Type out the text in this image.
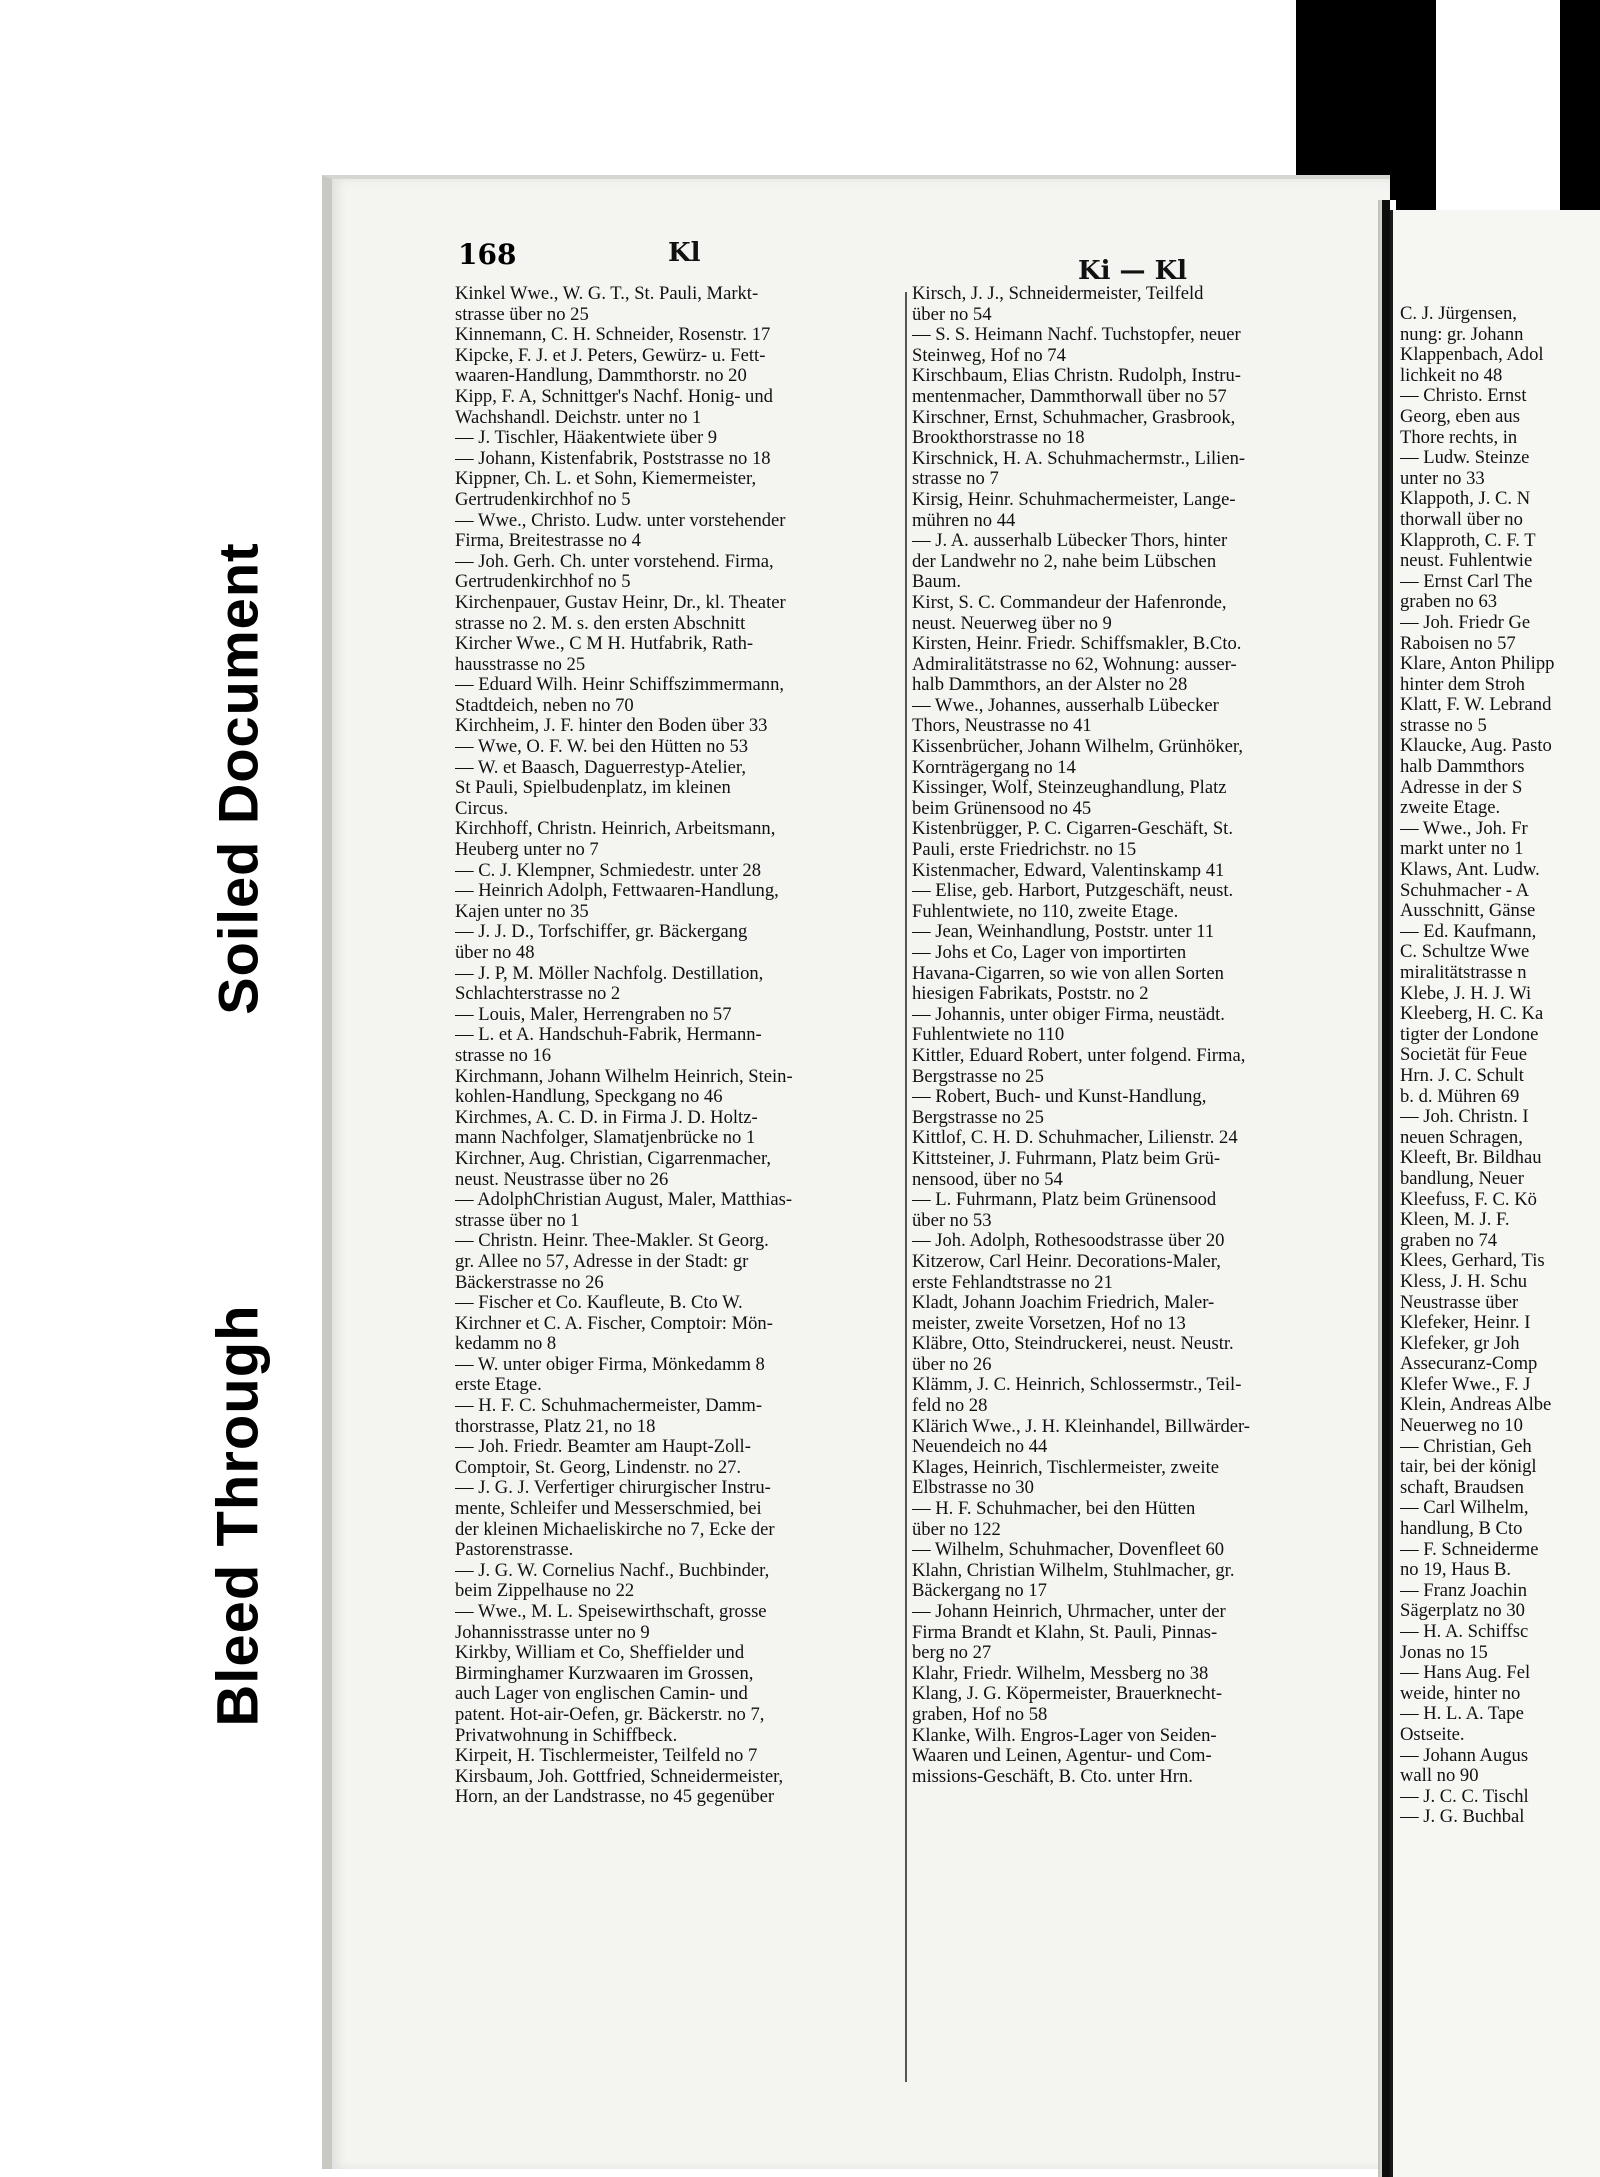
Soiled Document
Bleed Through
168	Kl
Ki — Kl
Kinkel Wwe., W. G. T., St. Pauli, Markt-
strasse über no 25
Kinnemann, C. H. Schneider, Rosenstr. 17
Kipcke, F. J. et J. Peters, Gewürz- u. Fett-
waaren-Handlung, Dammthorstr. no 20
Kipp, F. A, Schnittger's Nachf. Honig- und
Wachshandl. Deichstr. unter no 1
— J. Tischler, Häakentwiete über 9
— Johann, Kistenfabrik, Poststrasse no 18
Kippner, Ch. L. et Sohn, Kiemermeister,
Gertrudenkirchhof no 5
— Wwe., Christo. Ludw. unter vorstehender
Firma, Breitestrasse no 4
— Joh. Gerh. Ch. unter vorstehend. Firma,
Gertrudenkirchhof no 5
Kirchenpauer, Gustav Heinr, Dr., kl. Theater
strasse no 2. M. s. den ersten Abschnitt
Kircher Wwe., C M H. Hutfabrik, Rath-
hausstrasse no 25
— Eduard Wilh. Heinr Schiffszimmermann,
Stadtdeich, neben no 70
Kirchheim, J. F. hinter den Boden über 33
— Wwe, O. F. W. bei den Hütten no 53
— W. et Baasch, Daguerrestyp-Atelier,
St Pauli, Spielbudenplatz, im kleinen
Circus.
Kirchhoff, Christn. Heinrich, Arbeitsmann,
Heuberg unter no 7
— C. J. Klempner, Schmiedestr. unter 28
— Heinrich Adolph, Fettwaaren-Handlung,
Kajen unter no 35
— J. J. D., Torfschiffer, gr. Bäckergang
über no 48
— J. P, M. Möller Nachfolg. Destillation,
Schlachterstrasse no 2
— Louis, Maler, Herrengraben no 57
— L. et A. Handschuh-Fabrik, Hermann-
strasse no 16
Kirchmann, Johann Wilhelm Heinrich, Stein-
kohlen-Handlung, Speckgang no 46
Kirchmes, A. C. D. in Firma J. D. Holtz-
mann Nachfolger, Slamatjenbrücke no 1
Kirchner, Aug. Christian, Cigarrenmacher,
neust. Neustrasse über no 26
— AdolphChristian August, Maler, Matthias-
strasse über no 1
— Christn. Heinr. Thee-Makler. St Georg.
gr. Allee no 57, Adresse in der Stadt: gr
Bäckerstrasse no 26
— Fischer et Co. Kaufleute, B. Cto W.
Kirchner et C. A. Fischer, Comptoir: Mön-
kedamm no 8
— W. unter obiger Firma, Mönkedamm 8
erste Etage.
— H. F. C. Schuhmachermeister, Damm-
thorstrasse, Platz 21, no 18
— Joh. Friedr. Beamter am Haupt-Zoll-
Comptoir, St. Georg, Lindenstr. no 27.
— J. G. J. Verfertiger chirurgischer Instru-
mente, Schleifer und Messerschmied, bei
der kleinen Michaeliskirche no 7, Ecke der
Pastorenstrasse.
— J. G. W. Cornelius Nachf., Buchbinder,
beim Zippelhause no 22
— Wwe., M. L. Speisewirthschaft, grosse
Johannisstrasse unter no 9
Kirkby, William et Co, Sheffielder und
Birminghamer Kurzwaaren im Grossen,
auch Lager von englischen Camin- und
patent. Hot-air-Oefen, gr. Bäckerstr. no 7,
Privatwohnung in Schiffbeck.
Kirpeit, H. Tischlermeister, Teilfeld no 7
Kirsbaum, Joh. Gottfried, Schneidermeister,
Horn, an der Landstrasse, no 45 gegenüber
Kirsch, J. J., Schneidermeister, Teilfeld
über no 54
— S. S. Heimann Nachf. Tuchstopfer, neuer
Steinweg, Hof no 74
Kirschbaum, Elias Christn. Rudolph, Instru-
mentenmacher, Dammthorwall über no 57
Kirschner, Ernst, Schuhmacher, Grasbrook,
Brookthorstrasse no 18
Kirschnick, H. A. Schuhmachermstr., Lilien-
strasse no 7
Kirsig, Heinr. Schuhmachermeister, Lange-
mühren no 44
— J. A. ausserhalb Lübecker Thors, hinter
der Landwehr no 2, nahe beim Lübschen
Baum.
Kirst, S. C. Commandeur der Hafenronde,
neust. Neuerweg über no 9
Kirsten, Heinr. Friedr. Schiffsmakler, B.Cto.
Admiralitätstrasse no 62, Wohnung: ausser-
halb Dammthors, an der Alster no 28
— Wwe., Johannes, ausserhalb Lübecker
Thors, Neustrasse no 41
Kissenbrücher, Johann Wilhelm, Grünhöker,
Kornträgergang no 14
Kissinger, Wolf, Steinzeughandlung, Platz
beim Grünensood no 45
Kistenbrügger, P. C. Cigarren-Geschäft, St.
Pauli, erste Friedrichstr. no 15
Kistenmacher, Edward, Valentinskamp 41
— Elise, geb. Harbort, Putzgeschäft, neust.
Fuhlentwiete, no 110, zweite Etage.
— Jean, Weinhandlung, Poststr. unter 11
— Johs et Co, Lager von importirten
Havana-Cigarren, so wie von allen Sorten
hiesigen Fabrikats, Poststr. no 2
— Johannis, unter obiger Firma, neustädt.
Fuhlentwiete no 110
Kittler, Eduard Robert, unter folgend. Firma,
Bergstrasse no 25
— Robert, Buch- und Kunst-Handlung,
Bergstrasse no 25
Kittlof, C. H. D. Schuhmacher, Lilienstr. 24
Kittsteiner, J. Fuhrmann, Platz beim Grü-
nensood, über no 54
— L. Fuhrmann, Platz beim Grünensood
über no 53
— Joh. Adolph, Rothesoodstrasse über 20
Kitzerow, Carl Heinr. Decorations-Maler,
erste Fehlandtstrasse no 21
Kladt, Johann Joachim Friedrich, Maler-
meister, zweite Vorsetzen, Hof no 13
Kläbre, Otto, Steindruckerei, neust. Neustr.
über no 26
Klämm, J. C. Heinrich, Schlossermstr., Teil-
feld no 28
Klärich Wwe., J. H. Kleinhandel, Billwärder-
Neuendeich no 44
Klages, Heinrich, Tischlermeister, zweite
Elbstrasse no 30
— H. F. Schuhmacher, bei den Hütten
über no 122
— Wilhelm, Schuhmacher, Dovenfleet 60
Klahn, Christian Wilhelm, Stuhlmacher, gr.
Bäckergang no 17
— Johann Heinrich, Uhrmacher, unter der
Firma Brandt et Klahn, St. Pauli, Pinnas-
berg no 27
Klahr, Friedr. Wilhelm, Messberg no 38
Klang, J. G. Köpermeister, Brauerknecht-
graben, Hof no 58
Klanke, Wilh. Engros-Lager von Seiden-
Waaren und Leinen, Agentur- und Com-
missions-Geschäft, B. Cto. unter Hrn.
C. J. Jürgensen,
nung: gr. Johann
Klappenbach, Adol
lichkeit no 48
— Christo. Ernst
Georg, eben aus
Thore rechts, in
— Ludw. Steinze
unter no 33
Klappoth, J. C. N
thorwall über no
Klapproth, C. F. T
neust. Fuhlentwie
— Ernst Carl The
graben no 63
— Joh. Friedr Ge
Raboisen no 57
Klare, Anton Philipp
hinter dem Stroh
Klatt, F. W. Lebrand
strasse no 5
Klaucke, Aug. Pasto
halb Dammthors
Adresse in der S
zweite Etage.
— Wwe., Joh. Fr
markt unter no 1
Klaws, Ant. Ludw.
Schuhmacher - A
Ausschnitt, Gänse
— Ed. Kaufmann,
C. Schultze Wwe
miralitätstrasse n
Klebe, J. H. J. Wi
Kleeberg, H. C. Ka
tigter der Londone
Societät für Feue
Hrn. J. C. Schult
b. d. Mühren 69
— Joh. Christn. I
neuen Schragen,
Kleeft, Br. Bildhau
bandlung, Neuer
Kleefuss, F. C. Kö
Kleen, M. J. F.
graben no 74
Klees, Gerhard, Tis
Kless, J. H. Schu
Neustrasse über
Klefeker, Heinr. I
Klefeker, gr Joh
Assecuranz-Comp
Klefer Wwe., F. J
Klein, Andreas Albe
Neuerweg no 10
— Christian, Geh
tair, bei der königl
schaft, Braudsen
— Carl Wilhelm,
handlung, B Cto
— F. Schneiderme
no 19, Haus B.
— Franz Joachin
Sägerplatz no 30
— H. A. Schiffsc
Jonas no 15
— Hans Aug. Fel
weide, hinter no
— H. L. A. Tape
Ostseite.
— Johann Augus
wall no 90
— J. C. C. Tischl
— J. G. Buchbal
